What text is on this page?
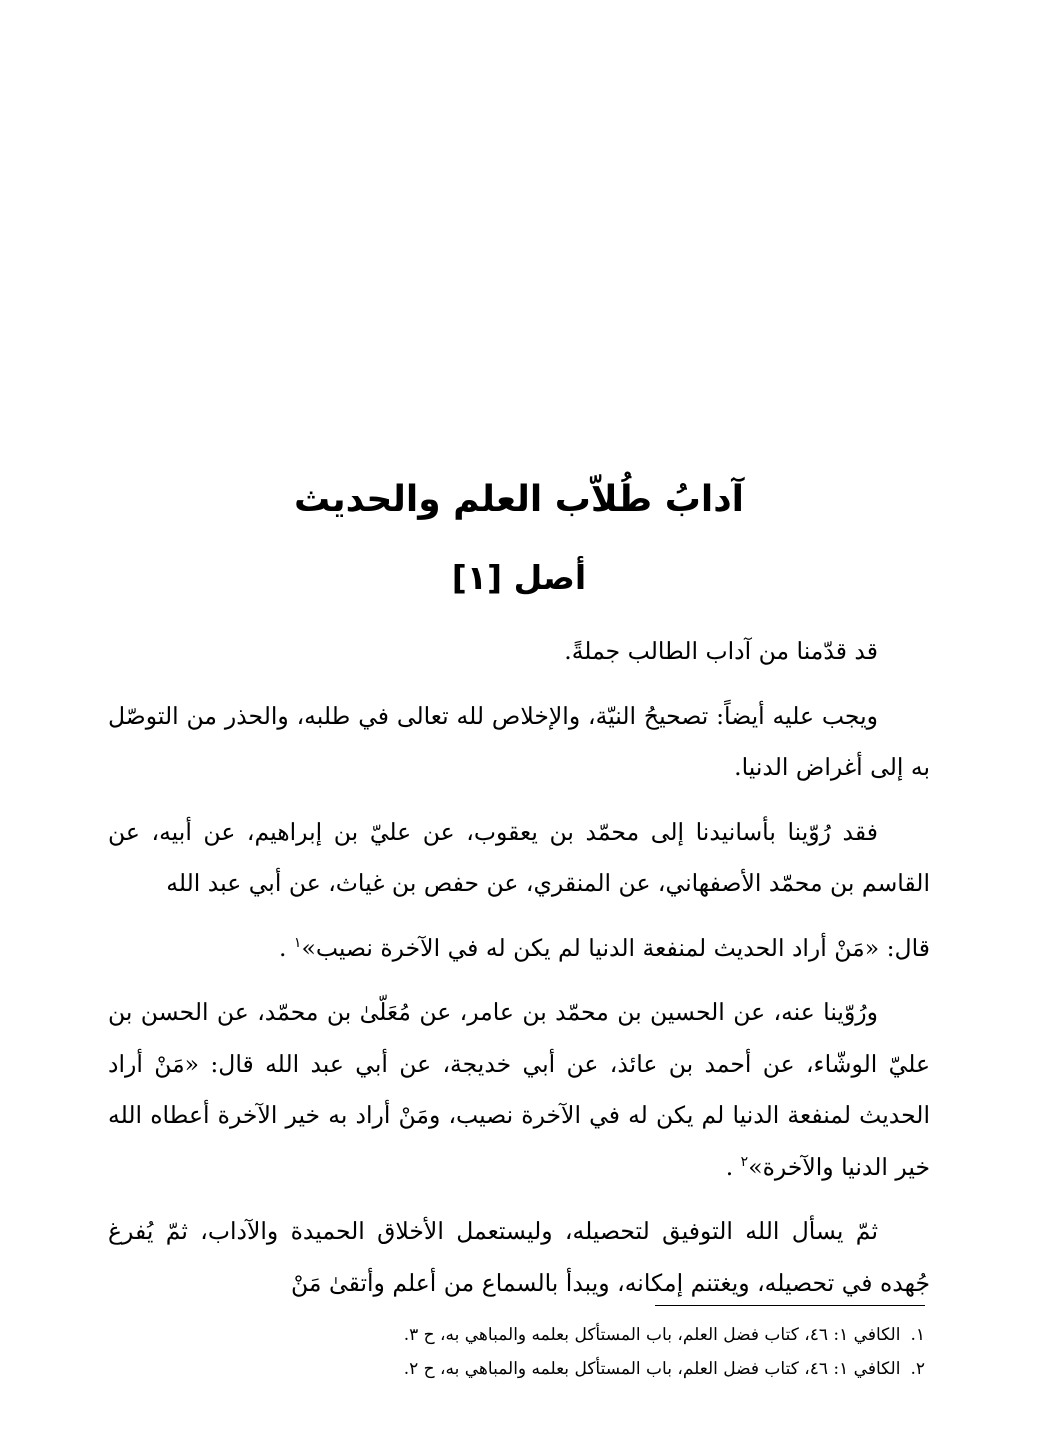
آدابُ طُلاّب العلم والحديث
أصل [١]

قد قدّمنا من آداب الطالب جملةً.

ويجب عليه أيضاً: تصحيحُ النيّة، والإخلاص لله تعالى في طلبه، والحذر من التوصّل به إلى أغراض الدنيا.

فقد رُوّينا بأسانيدنا إلى محمّد بن يعقوب، عن عليّ بن إبراهيم، عن أبيه، عن القاسم بن محمّد الأصفهاني، عن المنقري، عن حفص بن غياث، عن أبي عبد الله

قال: «مَنْ أراد الحديث لمنفعة الدنيا لم يكن له في الآخرة نصيب»$^١$ .

ورُوّينا عنه، عن الحسين بن محمّد بن عامر، عن مُعَلّىٰ بن محمّد، عن الحسن بن عليّ الوشّاء، عن أحمد بن عائذ، عن أبي خديجة، عن أبي عبد الله قال: «مَنْ أراد الحديث لمنفعة الدنيا لم يكن له في الآخرة نصيب، ومَنْ أراد به خير الآخرة أعطاه الله خير الدنيا والآخرة»$^٢$ .

ثمّ يسأل الله التوفيق لتحصيله، وليستعمل الأخلاق الحميدة والآداب، ثمّ يُفرغ جُهده في تحصيله، ويغتنم إمكانه، ويبدأ بالسماع من أعلم وأتقىٰ مَنْ

١.الكافي ١: ٤٦، كتاب فضل العلم، باب المستأكل بعلمه والمباهي به، ح ٣.
٢.الكافي ١: ٤٦، كتاب فضل العلم، باب المستأكل بعلمه والمباهي به، ح ٢.
